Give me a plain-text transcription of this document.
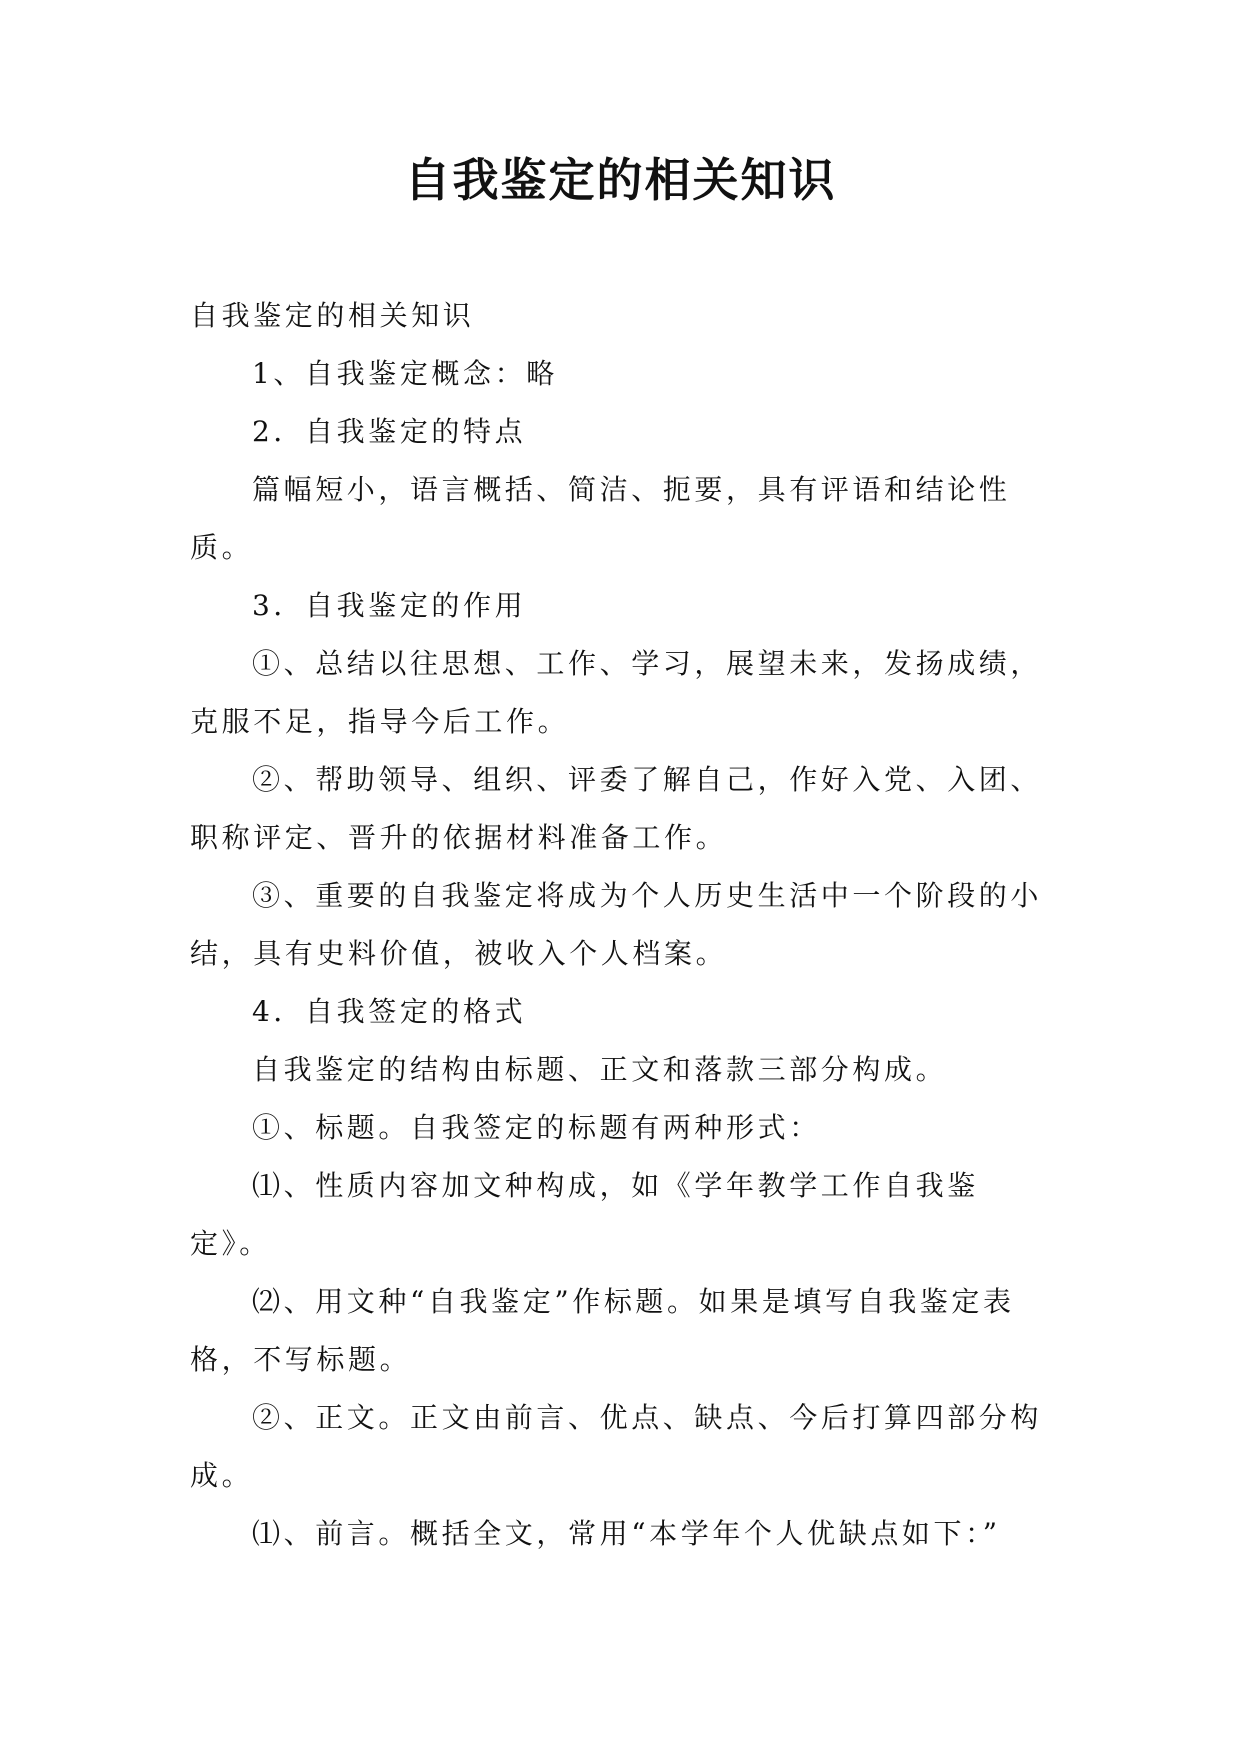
自我鉴定的相关知识

自我鉴定的相关知识

1、自我鉴定概念：略

2．自我鉴定的特点

篇幅短小，语言概括、简洁、扼要，具有评语和结论性质。

3．自我鉴定的作用

①、总结以往思想、工作、学习，展望未来，发扬成绩，克服不足，指导今后工作。

②、帮助领导、组织、评委了解自己，作好入党、入团、职称评定、晋升的依据材料准备工作。

③、重要的自我鉴定将成为个人历史生活中一个阶段的小结，具有史料价值，被收入个人档案。

4．自我签定的格式

自我鉴定的结构由标题、正文和落款三部分构成。

①、标题。自我签定的标题有两种形式：

⑴、性质内容加文种构成，如《学年教学工作自我鉴定》。

⑵、用文种“自我鉴定”作标题。如果是填写自我鉴定表格，不写标题。

②、正文。正文由前言、优点、缺点、今后打算四部分构成。

⑴、前言。概括全文，常用“本学年个人优缺点如下：”
